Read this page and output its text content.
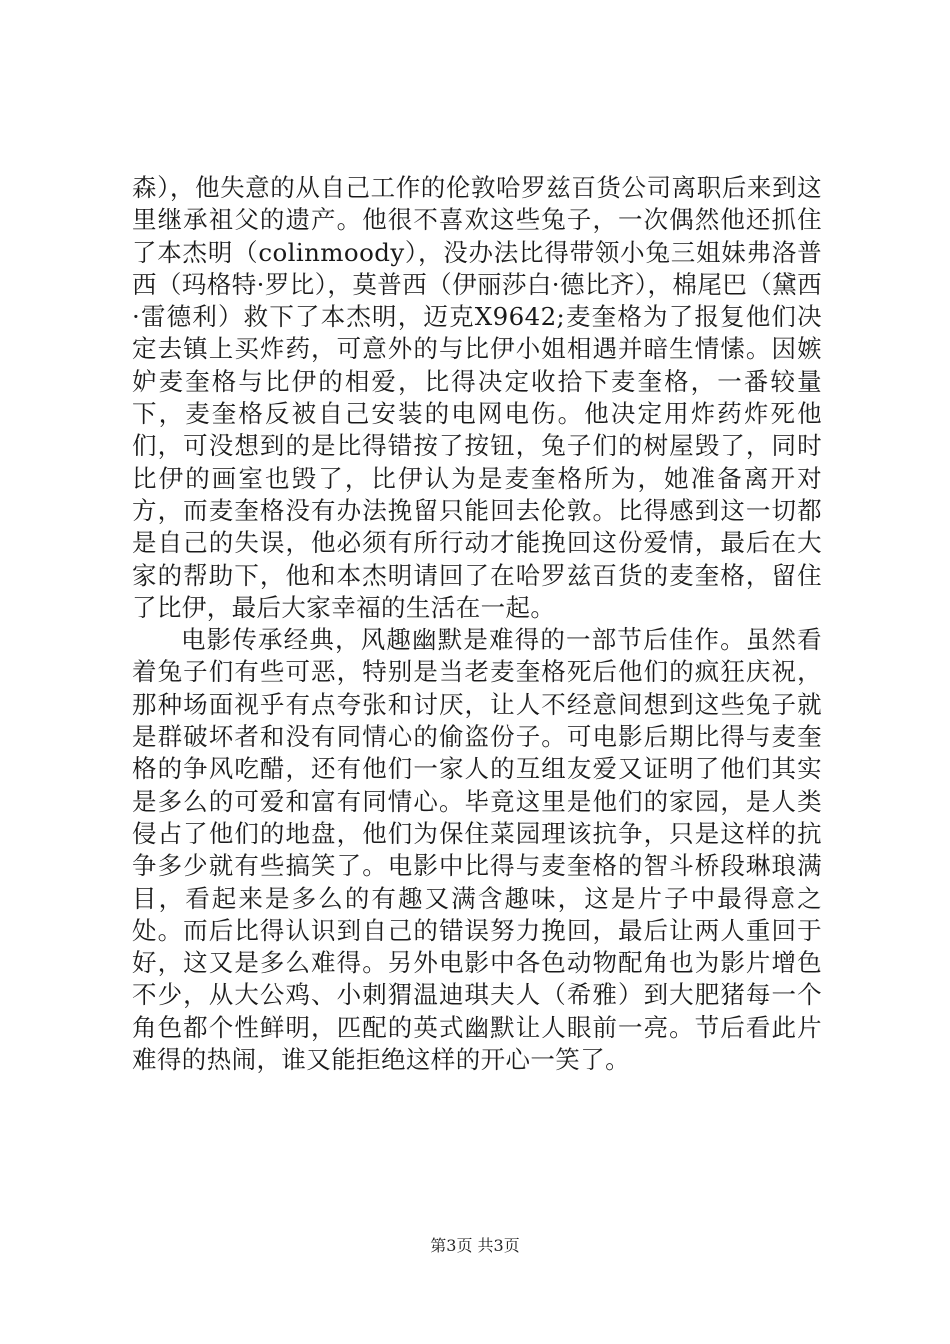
森），他失意的从自己工作的伦敦哈罗兹百货公司离职后来到这里继承祖父的遗产。他很不喜欢这些兔子，一次偶然他还抓住了本杰明（colinmoody），没办法比得带领小兔三姐妹弗洛普西（玛格特·罗比），莫普西（伊丽莎白·德比齐），棉尾巴（黛西·雷德利）救下了本杰明，迈克X9642;麦奎格为了报复他们决定去镇上买炸药，可意外的与比伊小姐相遇并暗生情愫。因嫉妒麦奎格与比伊的相爱，比得决定收拾下麦奎格，一番较量下，麦奎格反被自己安装的电网电伤。他决定用炸药炸死他们，可没想到的是比得错按了按钮，兔子们的树屋毁了，同时比伊的画室也毁了，比伊认为是麦奎格所为，她准备离开对方，而麦奎格没有办法挽留只能回去伦敦。比得感到这一切都是自己的失误，他必须有所行动才能挽回这份爱情，最后在大家的帮助下，他和本杰明请回了在哈罗兹百货的麦奎格，留住了比伊，最后大家幸福的生活在一起。

电影传承经典，风趣幽默是难得的一部节后佳作。虽然看着兔子们有些可恶，特别是当老麦奎格死后他们的疯狂庆祝，那种场面视乎有点夸张和讨厌，让人不经意间想到这些兔子就是群破坏者和没有同情心的偷盗份子。可电影后期比得与麦奎格的争风吃醋，还有他们一家人的互组友爱又证明了他们其实是多么的可爱和富有同情心。毕竟这里是他们的家园，是人类侵占了他们的地盘，他们为保住菜园理该抗争，只是这样的抗争多少就有些搞笑了。电影中比得与麦奎格的智斗桥段琳琅满目，看起来是多么的有趣又满含趣味，这是片子中最得意之处。而后比得认识到自己的错误努力挽回，最后让两人重回于好，这又是多么难得。另外电影中各色动物配角也为影片增色不少，从大公鸡、小刺猬温迪琪夫人（希雅）到大肥猪每一个角色都个性鲜明，匹配的英式幽默让人眼前一亮。节后看此片难得的热闹，谁又能拒绝这样的开心一笑了。

第3页 共3页
